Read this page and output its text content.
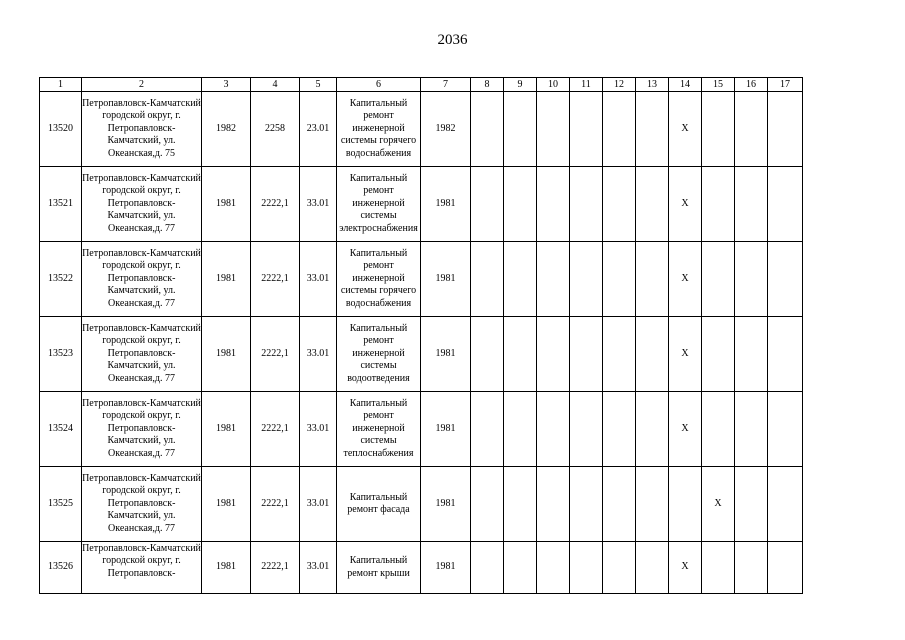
2036
1	2	3	4	5	6	7	8	9	10	11	12	13	14	15	16	17
13520	Петропавловск-Камчатский городской округ, г. Петропавловск-Камчатский, ул. Океанская,д. 75	1982	2258	23.01	Капитальный ремонт инженерной системы горячего водоснабжения	1982							X			
13521	Петропавловск-Камчатский городской округ, г. Петропавловск-Камчатский, ул. Океанская,д. 77	1981	2222,1	33.01	Капитальный ремонт инженерной системы электроснабжения	1981							X			
13522	Петропавловск-Камчатский городской округ, г. Петропавловск-Камчатский, ул. Океанская,д. 77	1981	2222,1	33.01	Капитальный ремонт инженерной системы горячего водоснабжения	1981							X			
13523	Петропавловск-Камчатский городской округ, г. Петропавловск-Камчатский, ул. Океанская,д. 77	1981	2222,1	33.01	Капитальный ремонт инженерной системы водоотведения	1981							X			
13524	Петропавловск-Камчатский городской округ, г. Петропавловск-Камчатский, ул. Океанская,д. 77	1981	2222,1	33.01	Капитальный ремонт инженерной системы теплоснабжения	1981							X			
13525	Петропавловск-Камчатский городской округ, г. Петропавловск-Камчатский, ул. Океанская,д. 77	1981	2222,1	33.01	Капитальный ремонт фасада	1981								X		
13526	Петропавловск-Камчатский городской округ, г. Петропавловск-	1981	2222,1	33.01	Капитальный ремонт крыши	1981							X			
